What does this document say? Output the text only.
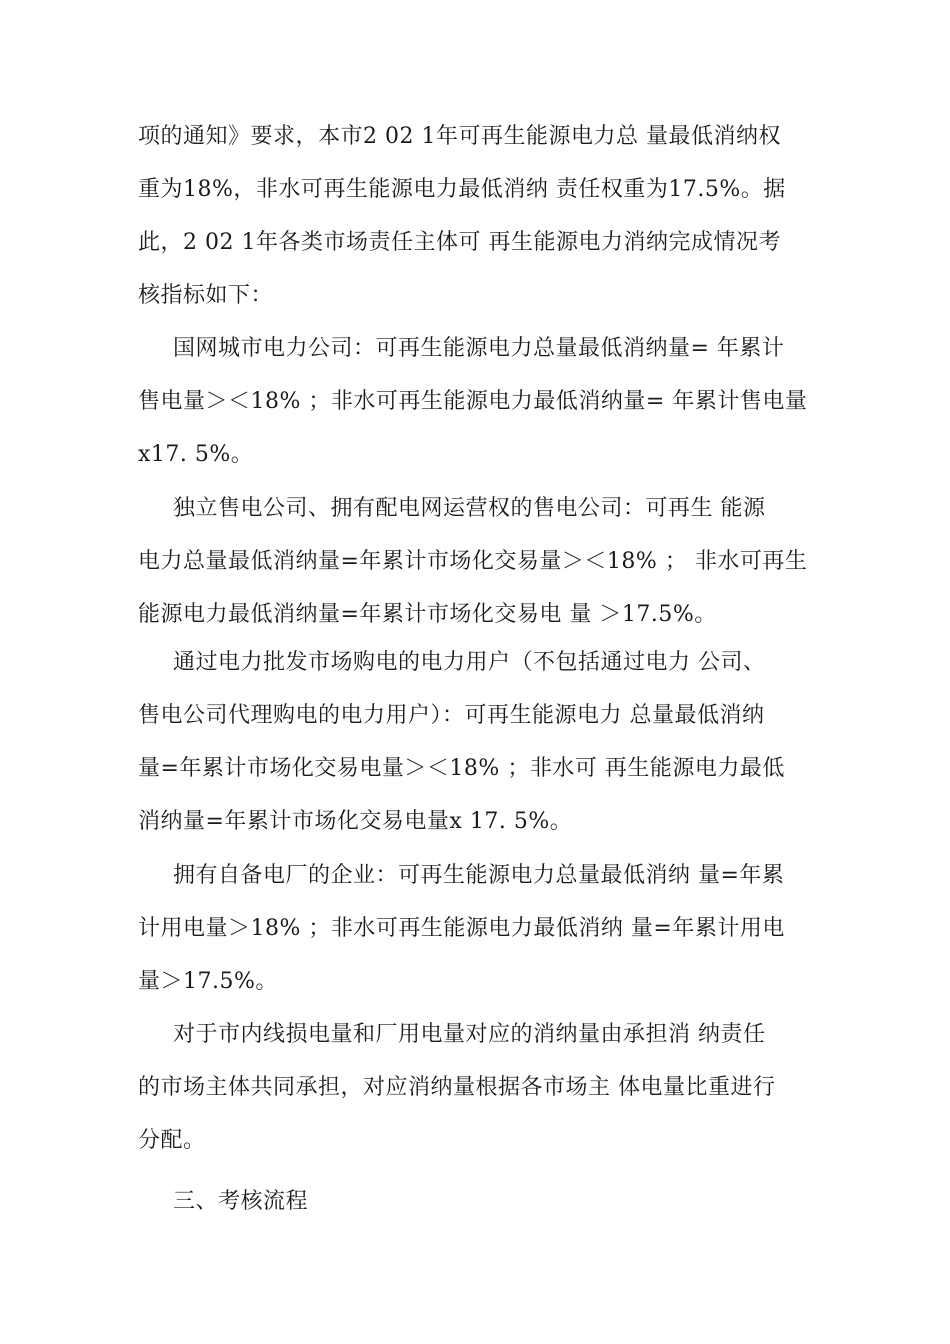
项的通知》要求，本市2 02 1年可再生能源电力总 量最低消纳权
重为18%，非水可再生能源电力最低消纳 责任权重为17.5%。据
此，2 02 1年各类市场责任主体可 再生能源电力消纳完成情况考
核指标如下：
国网城市电力公司：可再生能源电力总量最低消纳量= 年累计
售电量＞＜18% ；非水可再生能源电力最低消纳量= 年累计售电量
x17. 5%。
独立售电公司、拥有配电网运营权的售电公司：可再生 能源
电力总量最低消纳量=年累计市场化交易量＞＜18% ； 非水可再生
能源电力最低消纳量=年累计市场化交易电 量 ＞17.5%。
通过电力批发市场购电的电力用户（不包括通过电力 公司、
售电公司代理购电的电力用户）：可再生能源电力 总量最低消纳
量=年累计市场化交易电量＞＜18% ；非水可 再生能源电力最低
消纳量=年累计市场化交易电量x 17. 5%。
拥有自备电厂的企业：可再生能源电力总量最低消纳 量=年累
计用电量＞18% ；非水可再生能源电力最低消纳 量=年累计用电
量＞17.5%。
对于市内线损电量和厂用电量对应的消纳量由承担消 纳责任
的市场主体共同承担，对应消纳量根据各市场主 体电量比重进行
分配。
三、考核流程
